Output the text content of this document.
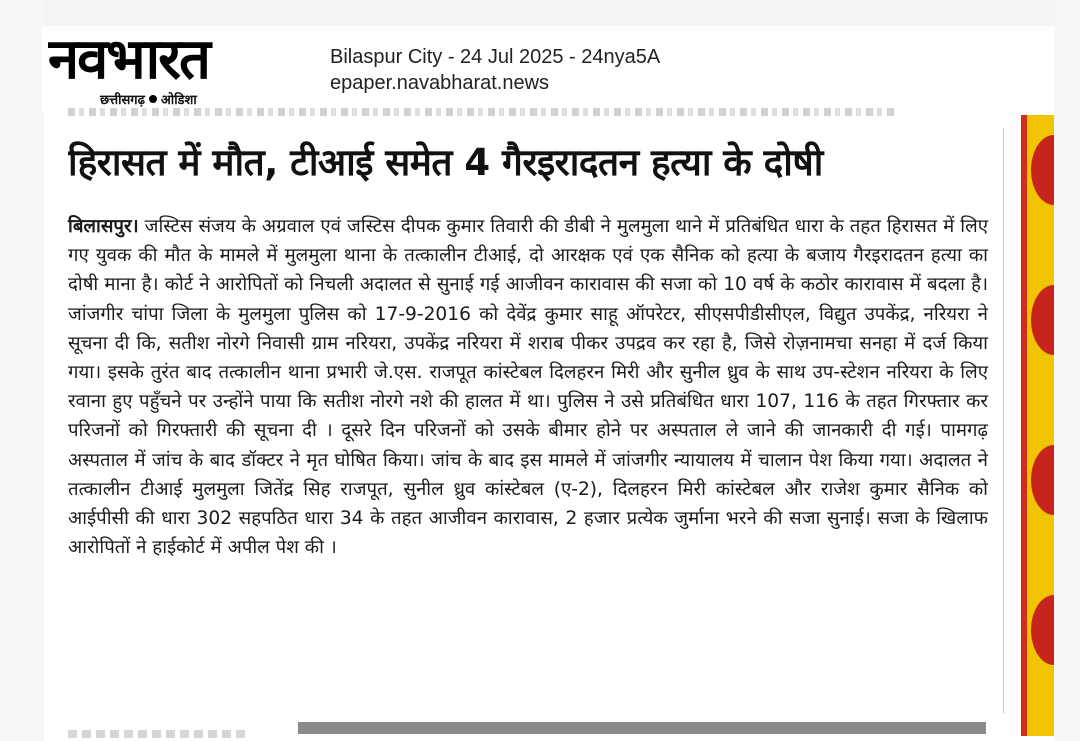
नवभारत
छत्तीसगढ़ ओडिशा
Bilaspur City - 24 Jul 2025 - 24nya5A
epaper.navabharat.news
हिरासत में मौत, टीआई समेत 4 गैरइरादतन हत्या के दोषी
बिलासपुर। जस्टिस संजय के अग्रवाल एवं जस्टिस दीपक कुमार तिवारी की डीबी ने मुलमुला थाने में प्रतिबंधित धारा के तहत हिरासत में लिए गए युवक की मौत के मामले में मुलमुला थाना के तत्कालीन टीआई, दो आरक्षक एवं एक सैनिक को हत्या के बजाय गैरइरादतन हत्या का दोषी माना है। कोर्ट ने आरोपितों को निचली अदालत से सुनाई गई आजीवन कारावास की सजा को 10 वर्ष के कठोर कारावास में बदला है। जांजगीर चांपा जिला के मुलमुला पुलिस को 17-9-2016 को देवेंद्र कुमार साहू ऑपरेटर, सीएसपीडीसीएल, विद्युत उपकेंद्र, नरियरा ने सूचना दी कि, सतीश नोरगे निवासी ग्राम नरियरा, उपकेंद्र नरियरा में शराब पीकर उपद्रव कर रहा है, जिसे रोज़नामचा सनहा में दर्ज किया गया। इसके तुरंत बाद तत्कालीन थाना प्रभारी जे.एस. राजपूत कांस्टेबल दिलहरन मिरी और सुनील ध्रुव के साथ उप-स्टेशन नरियरा के लिए रवाना हुए पहुँचने पर उन्होंने पाया कि सतीश नोरगे नशे की हालत में था। पुलिस ने उसे प्रतिबंधित धारा 107, 116 के तहत गिरफ्तार कर परिजनों को गिरफ्तारी की सूचना दी । दूसरे दिन परिजनों को उसके बीमार होने पर अस्पताल ले जाने की जानकारी दी गई। पामगढ़ अस्पताल में जांच के बाद डॉक्टर ने मृत घोषित किया। जांच के बाद इस मामले में जांजगीर न्यायालय में चालान पेश किया गया। अदालत ने तत्कालीन टीआई मुलमुला जितेंद्र सिह राजपूत, सुनील ध्रुव कांस्टेबल (ए-2), दिलहरन मिरी कांस्टेबल और राजेश कुमार सैनिक को आईपीसी की धारा 302 सहपठित धारा 34 के तहत आजीवन कारावास, 2 हजार प्रत्येक जुर्माना भरने की सजा सुनाई। सजा के खिलाफ आरोपितों ने हाईकोर्ट में अपील पेश की ।
